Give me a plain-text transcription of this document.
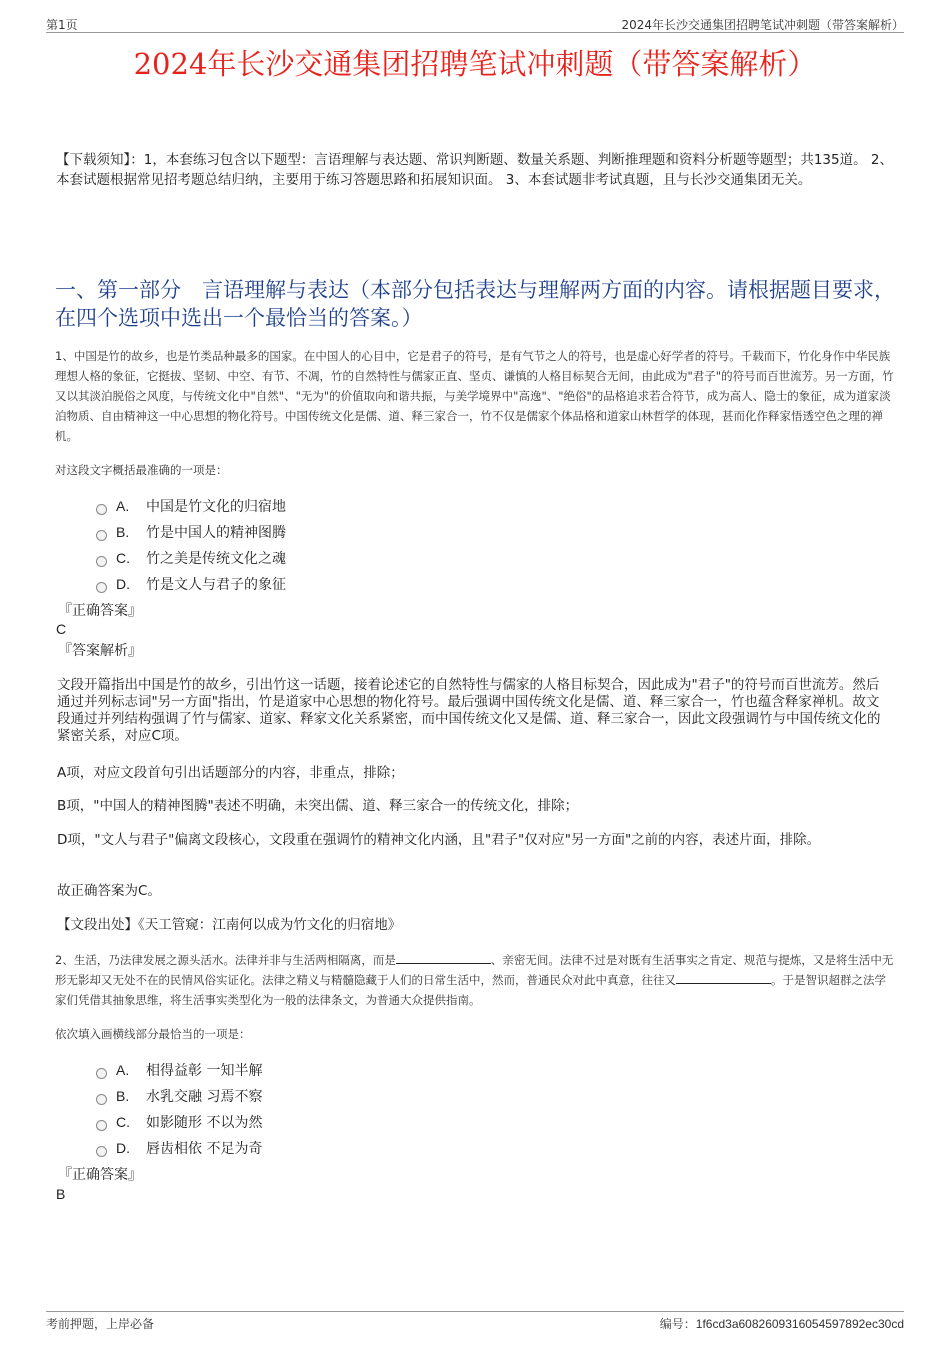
第1页	2024年长沙交通集团招聘笔试冲刺题（带答案解析）
2024年长沙交通集团招聘笔试冲刺题（带答案解析）
【下载须知】：1，本套练习包含以下题型：言语理解与表达题、常识判断题、数量关系题、判断推理题和资料分析题等题型；共135道。 2、本套试题根据常见招考题总结归纳，主要用于练习答题思路和拓展知识面。 3、本套试题非考试真题，且与长沙交通集团无关。
一、第一部分　言语理解与表达（本部分包括表达与理解两方面的内容。请根据题目要求，在四个选项中选出一个最恰当的答案。）
1、中国是竹的故乡，也是竹类品种最多的国家。在中国人的心目中，它是君子的符号，是有气节之人的符号，也是虚心好学者的符号。千载而下，竹化身作中华民族理想人格的象征，它挺拔、坚韧、中空、有节、不凋，竹的自然特性与儒家正直、坚贞、谦慎的人格目标契合无间，由此成为"君子"的符号而百世流芳。另一方面，竹又以其淡泊脱俗之风度，与传统文化中"自然"、"无为"的价值取向和谐共振，与美学境界中"高逸"、"绝俗"的品格追求若合符节，成为高人、隐士的象征，成为道家淡泊物质、自由精神这一中心思想的物化符号。中国传统文化是儒、道、释三家合一，竹不仅是儒家个体品格和道家山林哲学的体现，甚而化作释家悟透空色之理的禅机。
对这段文字概括最准确的一项是：
A.	中国是竹文化的归宿地
B.	竹是中国人的精神图腾
C.	竹之美是传统文化之魂
D.	竹是文人与君子的象征
『正确答案』
C
『答案解析』
文段开篇指出中国是竹的故乡，引出竹这一话题，接着论述它的自然特性与儒家的人格目标契合，因此成为"君子"的符号而百世流芳。然后通过并列标志词"另一方面"指出，竹是道家中心思想的物化符号。最后强调中国传统文化是儒、道、释三家合一，竹也蕴含释家禅机。故文段通过并列结构强调了竹与儒家、道家、释家文化关系紧密，而中国传统文化又是儒、道、释三家合一，因此文段强调竹与中国传统文化的紧密关系，对应C项。
A项，对应文段首句引出话题部分的内容，非重点，排除；
B项，"中国人的精神图腾"表述不明确，未突出儒、道、释三家合一的传统文化，排除；
D项，"文人与君子"偏离文段核心，文段重在强调竹的精神文化内涵，且"君子"仅对应"另一方面"之前的内容，表述片面，排除。
故正确答案为C。
【文段出处】《天工管窥：江南何以成为竹文化的归宿地》
2、生活，乃法律发展之源头活水。法律并非与生活两相隔离，而是	、亲密无间。法律不过是对既有生活事实之肯定、规范与提炼，又是将生活中无形无影却又无处不在的民情风俗实证化。法律之精义与精髓隐藏于人们的日常生活中，然而，普通民众对此中真意，往往又	。于是智识超群之法学家们凭借其抽象思维，将生活事实类型化为一般的法律条文，为普通大众提供指南。
依次填入画横线部分最恰当的一项是：
A.	相得益彰 一知半解
B.	水乳交融 习焉不察
C.	如影随形 不以为然
D.	唇齿相依 不足为奇
『正确答案』
B
考前押题，上岸必备	编号：1f6cd3a6082609316054597892ec30cd
